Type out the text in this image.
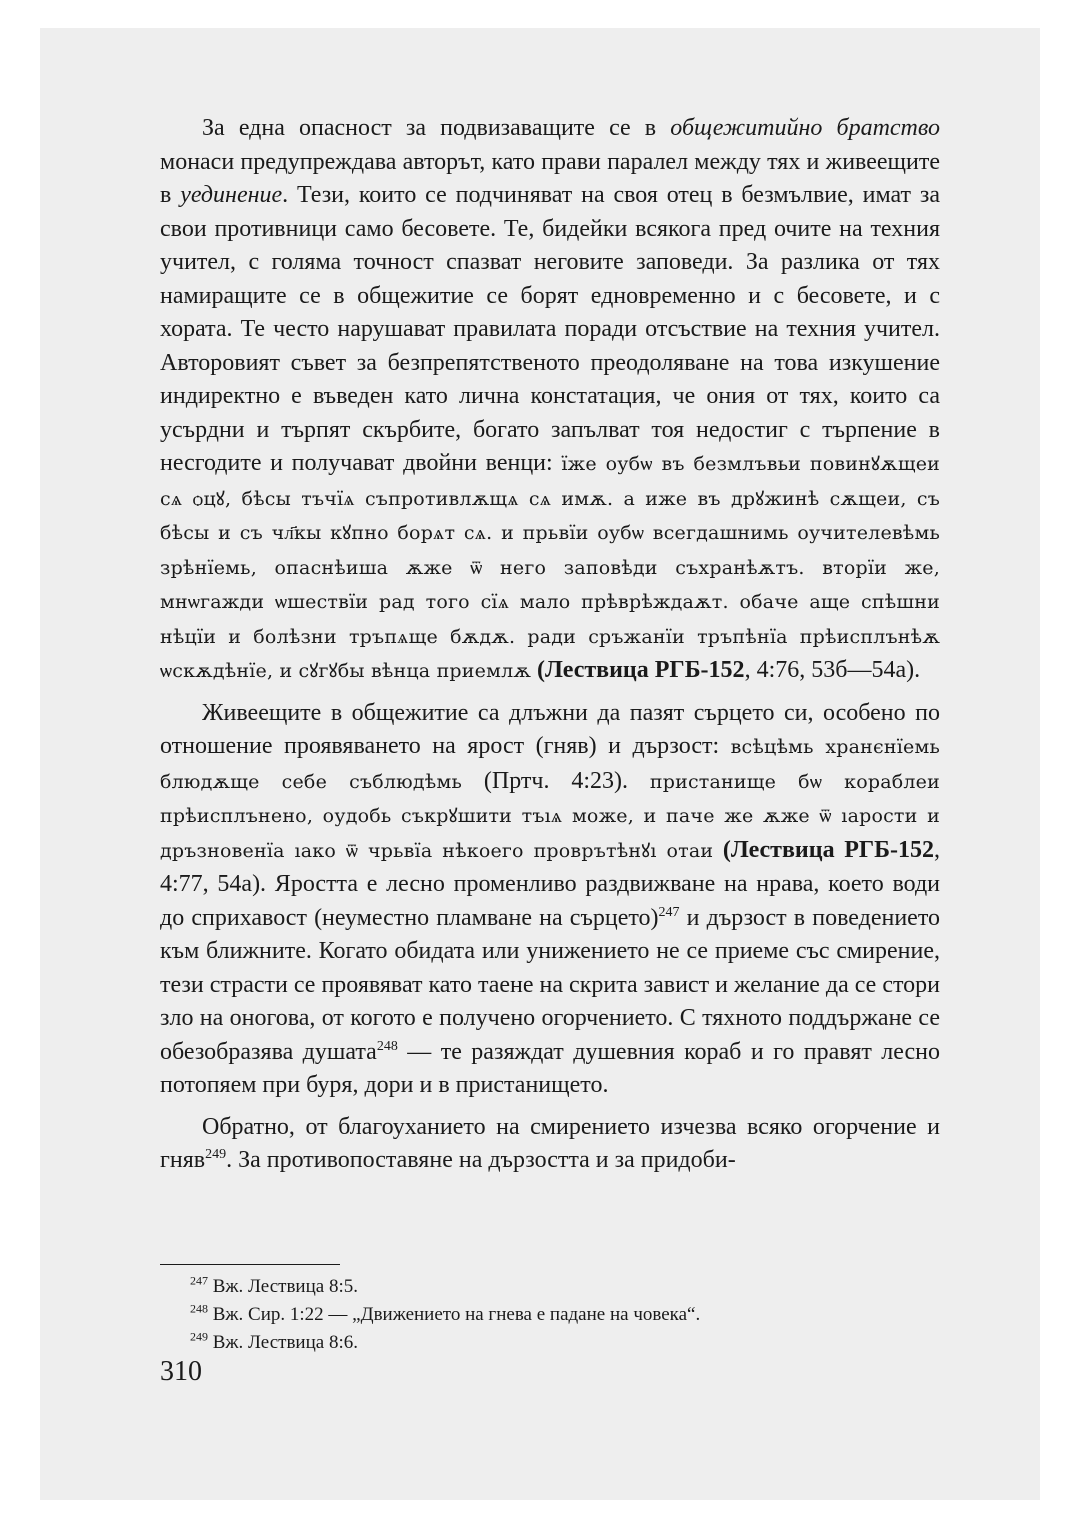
За една опасност за подвизаващите се в общежитийно братство монаси предупреждава авторът, като прави паралел между тях и живеещите в уединение. Тези, които се подчиняват на своя отец в безмълвие, имат за свои противници само бесовете. Те, бидейки всякога пред очите на техния учител, с голяма точност спазват неговите заповеди. За разлика от тях намиращите се в общежитие се борят едновременно и с бесовете, и с хората. Те често нарушават правилата поради отсъствие на техния учител. Авторовият съвет за безпрепятственото преодоляване на това изкушение индиректно е въведен като лична констатация, че ония от тях, които са усърдни и търпят скърбите, богато запълват тоя недостиг с търпение в несгодите и получават двойни венци: їже оубѡ въ безмлъвьи повинꙋѫщеи сѧ ѻцꙋ, бѣсы тъчїѧ съпротивлѫщѧ сѧ имѫ. а иже въ дрꙋжинѣ сѫщеи, съ бѣсы и съ чл҃кы кꙋпно борѧт сѧ. и прьвїи оубѡ всегдашнимь оучителевѣмь зрѣнїемь, опаснѣиша ѫже ѿ него заповѣди съхранѣѫтъ. вторїи же, мнѡгажди ѡшествїи рад того сїѧ мало прѣврѣждаѫт. обаче аще спѣшни нѣцїи и болѣзни тръпѧще бѫдѫ. ради сръжанїи тръпѣнїа прѣисплънѣѫ ѡскѫдѣнїе, и сꙋгꙋбы вѣнца приемлѫ (Лествица РГБ-152, 4:76, 53б—54а).

Живеещите в общежитие са длъжни да пазят сърцето си, особено по отношение проявяването на ярост (гняв) и дързост: всѣцѣмь хранєнїемь блюдѫще себе съблюдѣмь (Пртч. 4:23). пристанище бѡ кораблеи прѣисплънено, оудобь съкрꙋшити тъıѧ може, и паче же ѫже ѿ ıарости и дръзновенїа ıако ѿ чрьвїа нѣкоего проврътѣнꙋı отаи (Лествица РГБ-152, 4:77, 54а). Яростта е лесно променливо раздвижване на нрава, което води до сприхавост (неуместно пламване на сърцето)$^{247}$ и дързост в поведението към ближните. Когато обидата или унижението не се приеме със смирение, тези страсти се проявяват като таене на скрита завист и желание да се стори зло на оногова, от когото е получено огорчението. С тяхното поддържане се обезобразява душата$^{248}$ — те разяждат душевния кораб и го правят лесно потопяем при буря, дори и в пристанището.

Обратно, от благоуханието на смирението изчезва всяко огорчение и гняв$^{249}$. За противопоставяне на дързостта и за придоби-

$^{247}$ Вж. Лествица 8:5.

$^{248}$ Вж. Сир. 1:22 — „Движението на гнева е падане на човека“.

$^{249}$ Вж. Лествица 8:6.

310
